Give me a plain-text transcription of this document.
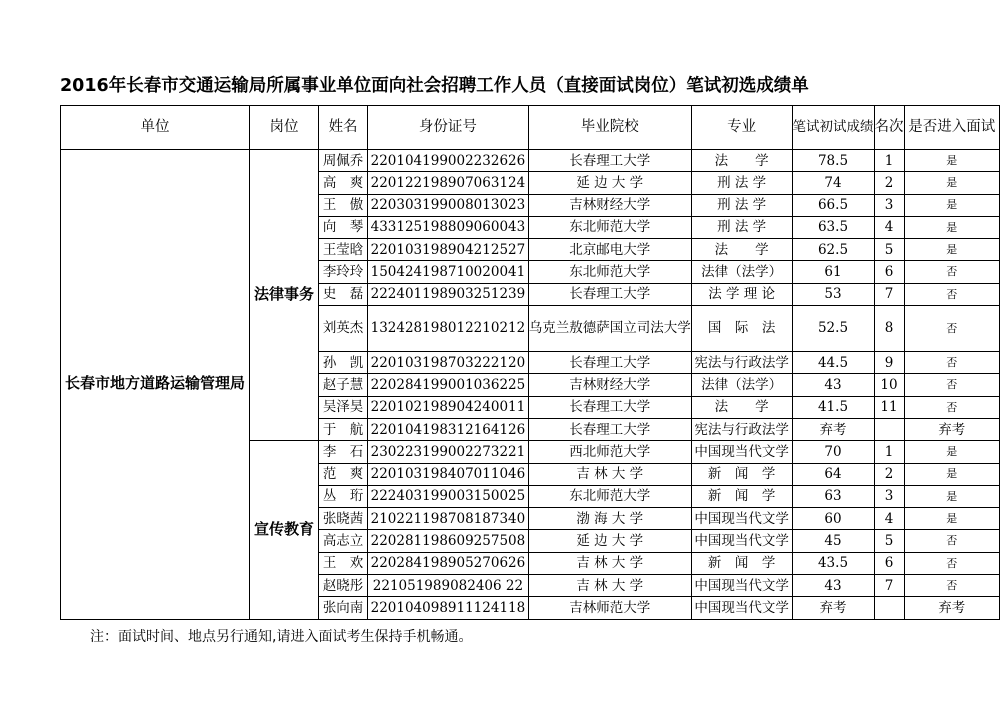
2016年长春市交通运输局所属事业单位面向社会招聘工作人员（直接面试岗位）笔试初选成绩单
单位	岗位	姓名	身份证号	毕业院校	专业	笔试初试成绩	名次	是否进入面试
长春市地方道路运输管理局	法律事务	周佩乔	220104199002232626	长春理工大学	法　　学	78.5	1	是
		高　爽	220122198907063124	延 边 大 学	刑 法 学	74	2	是
		王　傲	220303199008013023	吉林财经大学	刑 法 学	66.5	3	是
		向　琴	433125198809060043	东北师范大学	刑 法 学	63.5	4	是
		王莹晗	220103198904212527	北京邮电大学	法　　学	62.5	5	是
		李玲玲	150424198710020041	东北师范大学	法律（法学）	61	6	否
		史　磊	222401198903251239	长春理工大学	法 学 理 论	53	7	否
		刘英杰	132428198012210212	乌克兰敖德萨国立司法大学	国　际　法	52.5	8	否
		孙　凯	220103198703222120	长春理工大学	宪法与行政法学	44.5	9	否
		赵子慧	220284199001036225	吉林财经大学	法律（法学）	43	10	否
		吴泽昊	220102198904240011	长春理工大学	法　　学	41.5	11	否
		于　航	220104198312164126	长春理工大学	宪法与行政法学	弃考		弃考
	宣传教育	李　石	230223199002273221	西北师范大学	中国现当代文学	70	1	是
		范　爽	220103198407011046	吉 林 大 学	新　闻　学	64	2	是
		丛　珩	222403199003150025	东北师范大学	新　闻　学	63	3	是
		张晓茜	210221198708187340	渤 海 大 学	中国现当代文学	60	4	是
		高志立	220281198609257508	延 边 大 学	中国现当代文学	45	5	否
		王　欢	220284198905270626	吉 林 大 学	新　闻　学	43.5	6	否
		赵晓彤	221051989082406 22	吉 林 大 学	中国现当代文学	43	7	否
		张向南	220104098911124118	吉林师范大学	中国现当代文学	弃考		弃考
注：面试时间、地点另行通知,请进入面试考生保持手机畅通。
